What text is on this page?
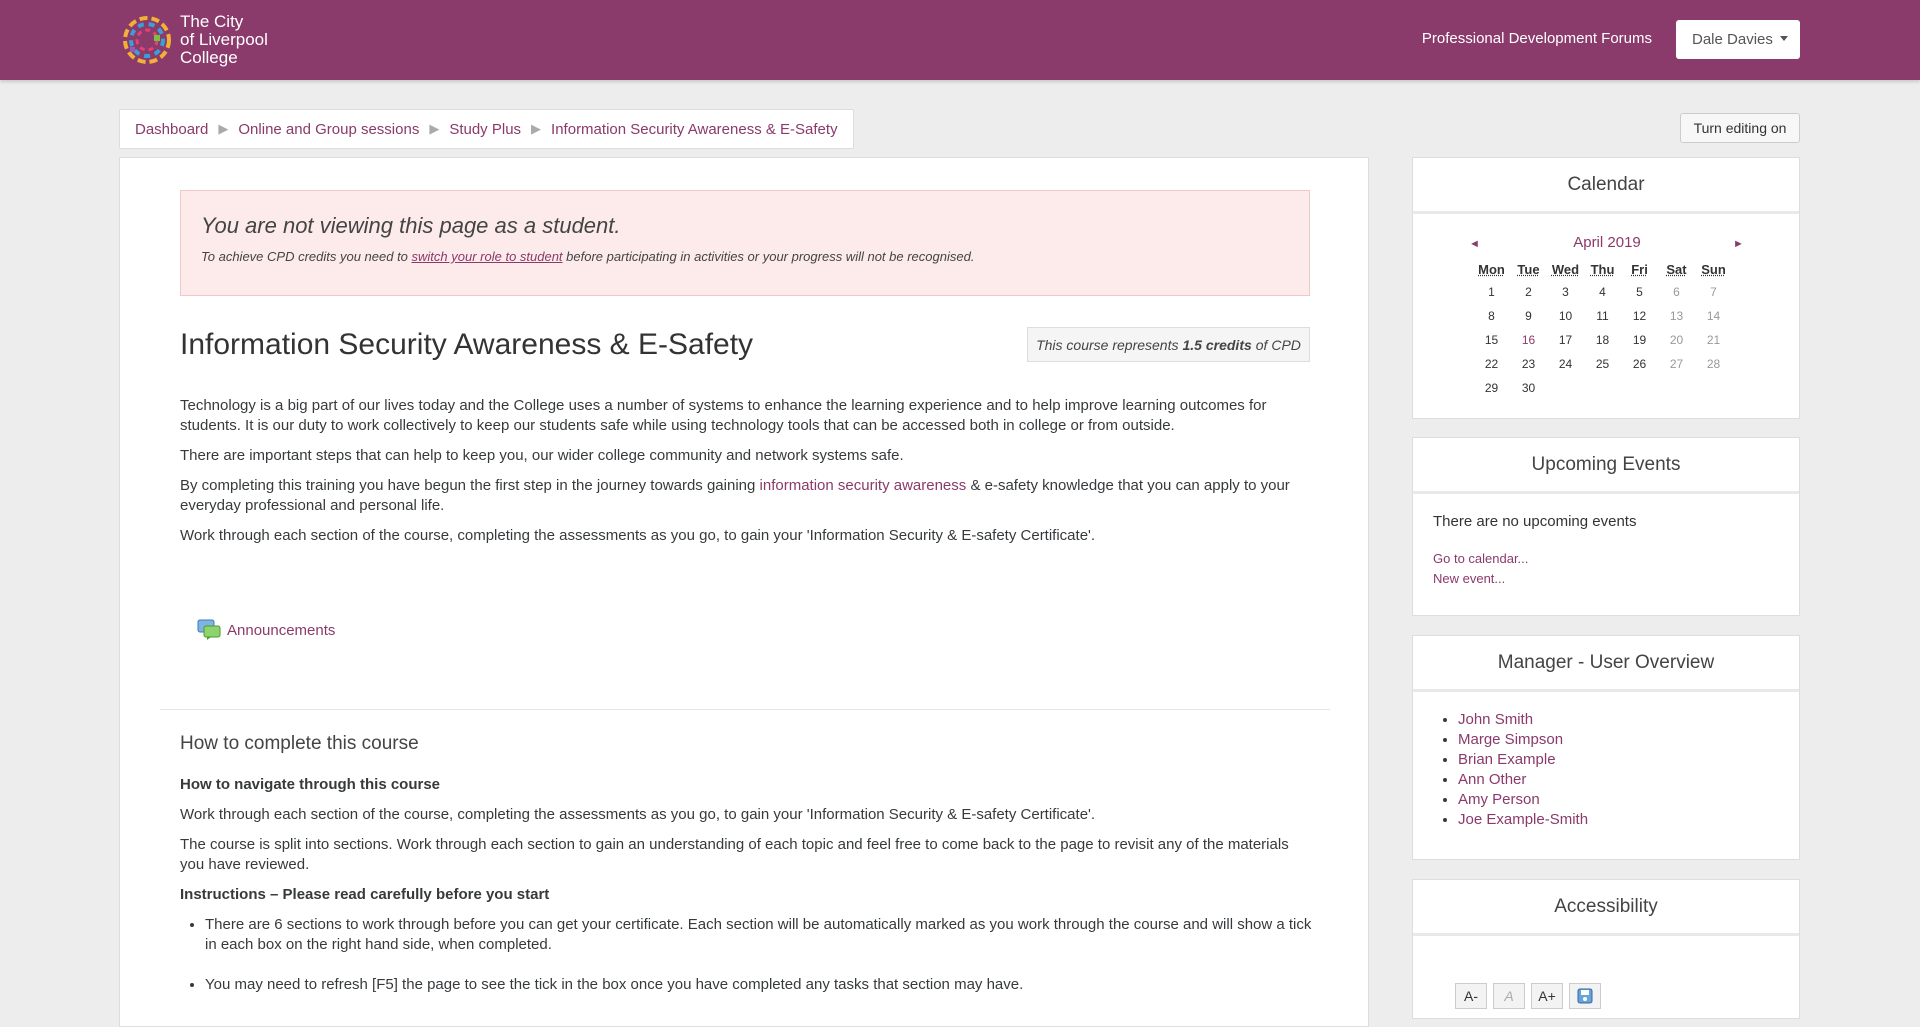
The City
of Liverpool
College
Professional Development Forums	Dale Davies
Dashboard ▶ Online and Group sessions ▶ Study Plus ▶ Information Security Awareness & E-Safety	Turn editing on
You are not viewing this page as a student.
To achieve CPD credits you need to switch your role to student before participating in activities or your progress will not be recognised.
Information Security Awareness & E-Safety	This course represents 1.5 credits of CPD

Technology is a big part of our lives today and the College uses a number of systems to enhance the learning experience and to help improve learning outcomes for students. It is our duty to work collectively to keep our students safe while using technology tools that can be accessed both in college or from outside.

There are important steps that can help to keep you, our wider college community and network systems safe.

By completing this training you have begun the first step in the journey towards gaining information security awareness & e-safety knowledge that you can apply to your everyday professional and personal life.

Work through each section of the course, completing the assessments as you go, to gain your 'Information Security & E-safety Certificate'.

Announcements
How to complete this course

How to navigate through this course

Work through each section of the course, completing the assessments as you go, to gain your 'Information Security & E-safety Certificate'.

The course is split into sections. Work through each section to gain an understanding of each topic and feel free to come back to the page to revisit any of the materials you have reviewed.

Instructions – Please read carefully before you start

• There are 6 sections to work through before you can get your certificate. Each section will be automatically marked as you work through the course and will show a tick in each box on the right hand side, when completed.
• You may need to refresh [F5] the page to see the tick in the box once you have completed any tasks that section may have.
Calendar
◄	April 2019	►
Mon	Tue	Wed	Thu	Fri	Sat	Sun
1	2	3	4	5	6	7
8	9	10	11	12	13	14
15	16	17	18	19	20	21
22	23	24	25	26	27	28
29	30					
Upcoming Events
There are no upcoming events
Go to calendar...
New event...
Manager - User Overview
• John Smith
• Marge Simpson
• Brian Example
• Ann Other
• Amy Person
• Joe Example-Smith
Accessibility
A-	A	A+
